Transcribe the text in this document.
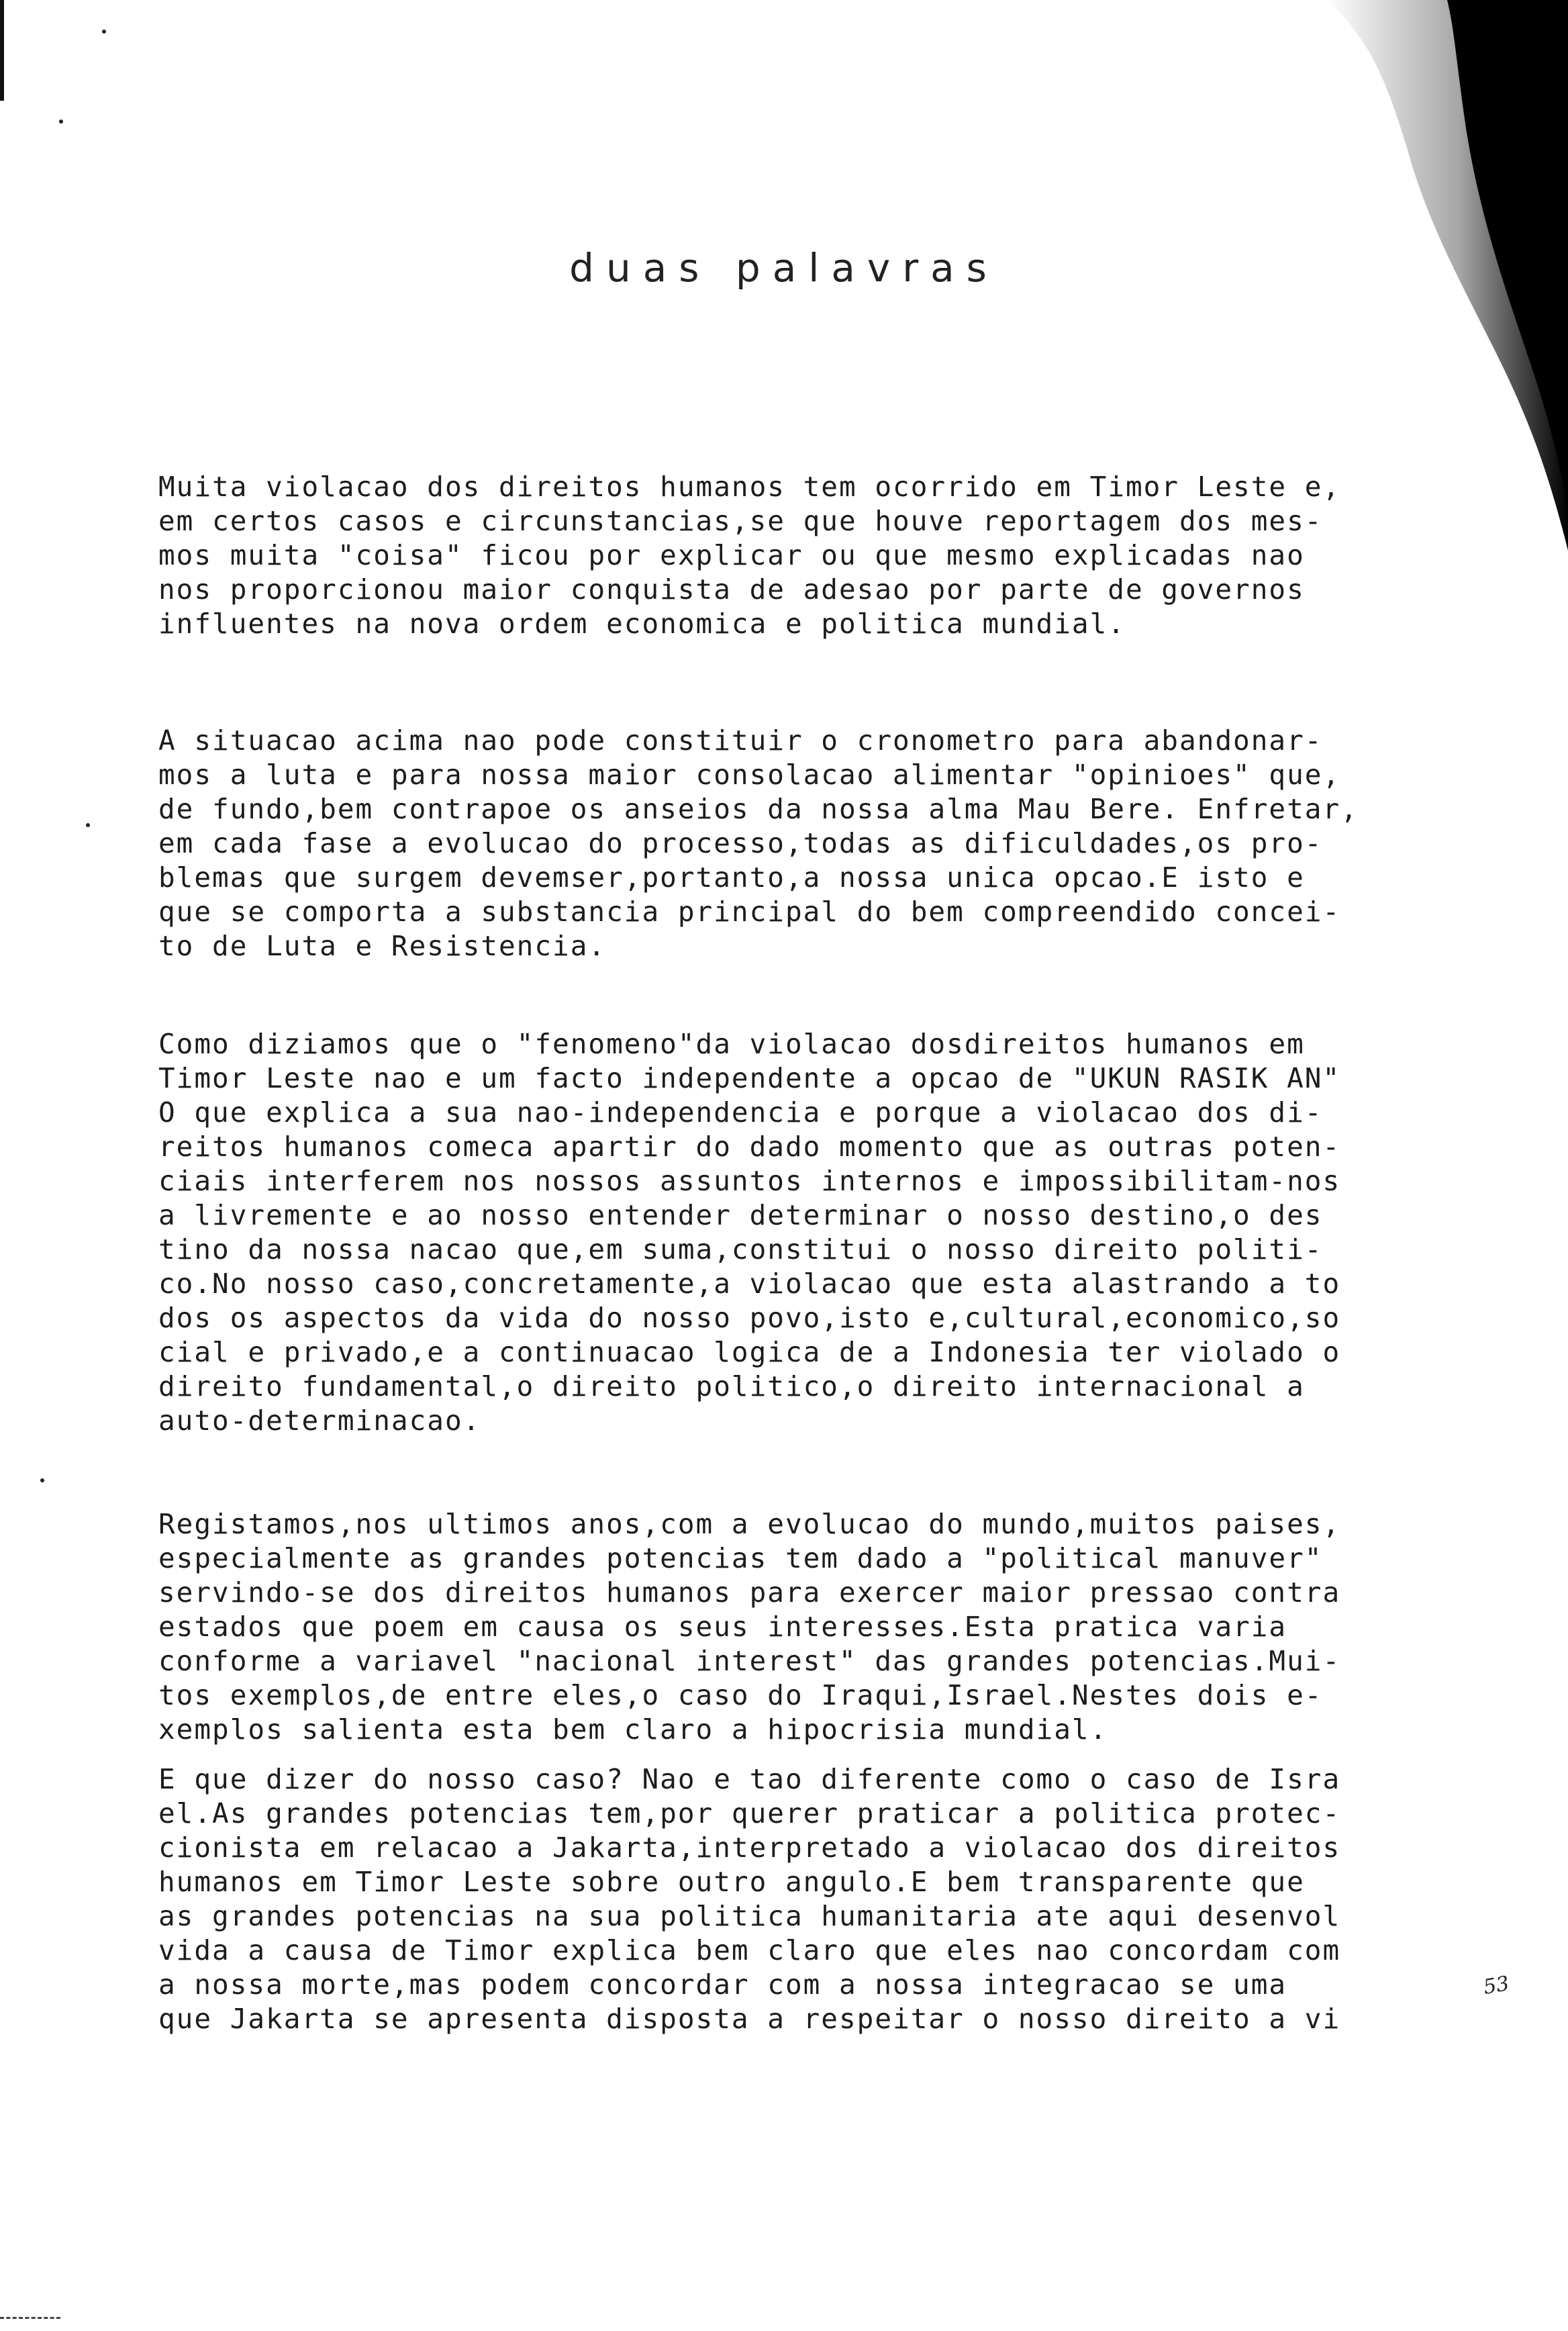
duas palavras

Muita violacao dos direitos humanos tem ocorrido em Timor Leste e,
em certos casos e circunstancias,se que houve reportagem dos mes-
mos muita "coisa" ficou por explicar ou que mesmo explicadas nao
nos proporcionou maior conquista de adesao por parte de governos
influentes na nova ordem economica e politica mundial.

A situacao acima nao pode constituir o cronometro para abandonar-
mos a luta e para nossa maior consolacao alimentar "opinioes" que,
de fundo,bem contrapoe os anseios da nossa alma Mau Bere. Enfretar,
em cada fase a evolucao do processo,todas as dificuldades,os pro-
blemas que surgem devemser,portanto,a nossa unica opcao.E isto e
que se comporta a substancia principal do bem compreendido concei-
to de Luta e Resistencia.

Como diziamos que o "fenomeno"da violacao dosdireitos humanos em
Timor Leste nao e um facto independente a opcao de "UKUN RASIK AN"
O que explica a sua nao-independencia e porque a violacao dos di-
reitos humanos comeca apartir do dado momento que as outras poten-
ciais interferem nos nossos assuntos internos e impossibilitam-nos
a livremente e ao nosso entender determinar o nosso destino,o des
tino da nossa nacao que,em suma,constitui o nosso direito politi-
co.No nosso caso,concretamente,a violacao que esta alastrando a to
dos os aspectos da vida do nosso povo,isto e,cultural,economico,so
cial e privado,e a continuacao logica de a Indonesia ter violado o
direito fundamental,o direito politico,o direito internacional a
auto-determinacao.

Registamos,nos ultimos anos,com a evolucao do mundo,muitos paises,
especialmente as grandes potencias tem dado a "political manuver"
servindo-se dos direitos humanos para exercer maior pressao contra
estados que poem em causa os seus interesses.Esta pratica varia
conforme a variavel "nacional interest" das grandes potencias.Mui-
tos exemplos,de entre eles,o caso do Iraqui,Israel.Nestes dois e-
xemplos salienta esta bem claro a hipocrisia mundial.

E que dizer do nosso caso? Nao e tao diferente como o caso de Isra
el.As grandes potencias tem,por querer praticar a politica protec-
cionista em relacao a Jakarta,interpretado a violacao dos direitos
humanos em Timor Leste sobre outro angulo.E bem transparente que
as grandes potencias na sua politica humanitaria ate aqui desenvol
vida a causa de Timor explica bem claro que eles nao concordam com
a nossa morte,mas podem concordar com a nossa integracao se uma
que Jakarta se apresenta disposta a respeitar o nosso direito a vi

53
